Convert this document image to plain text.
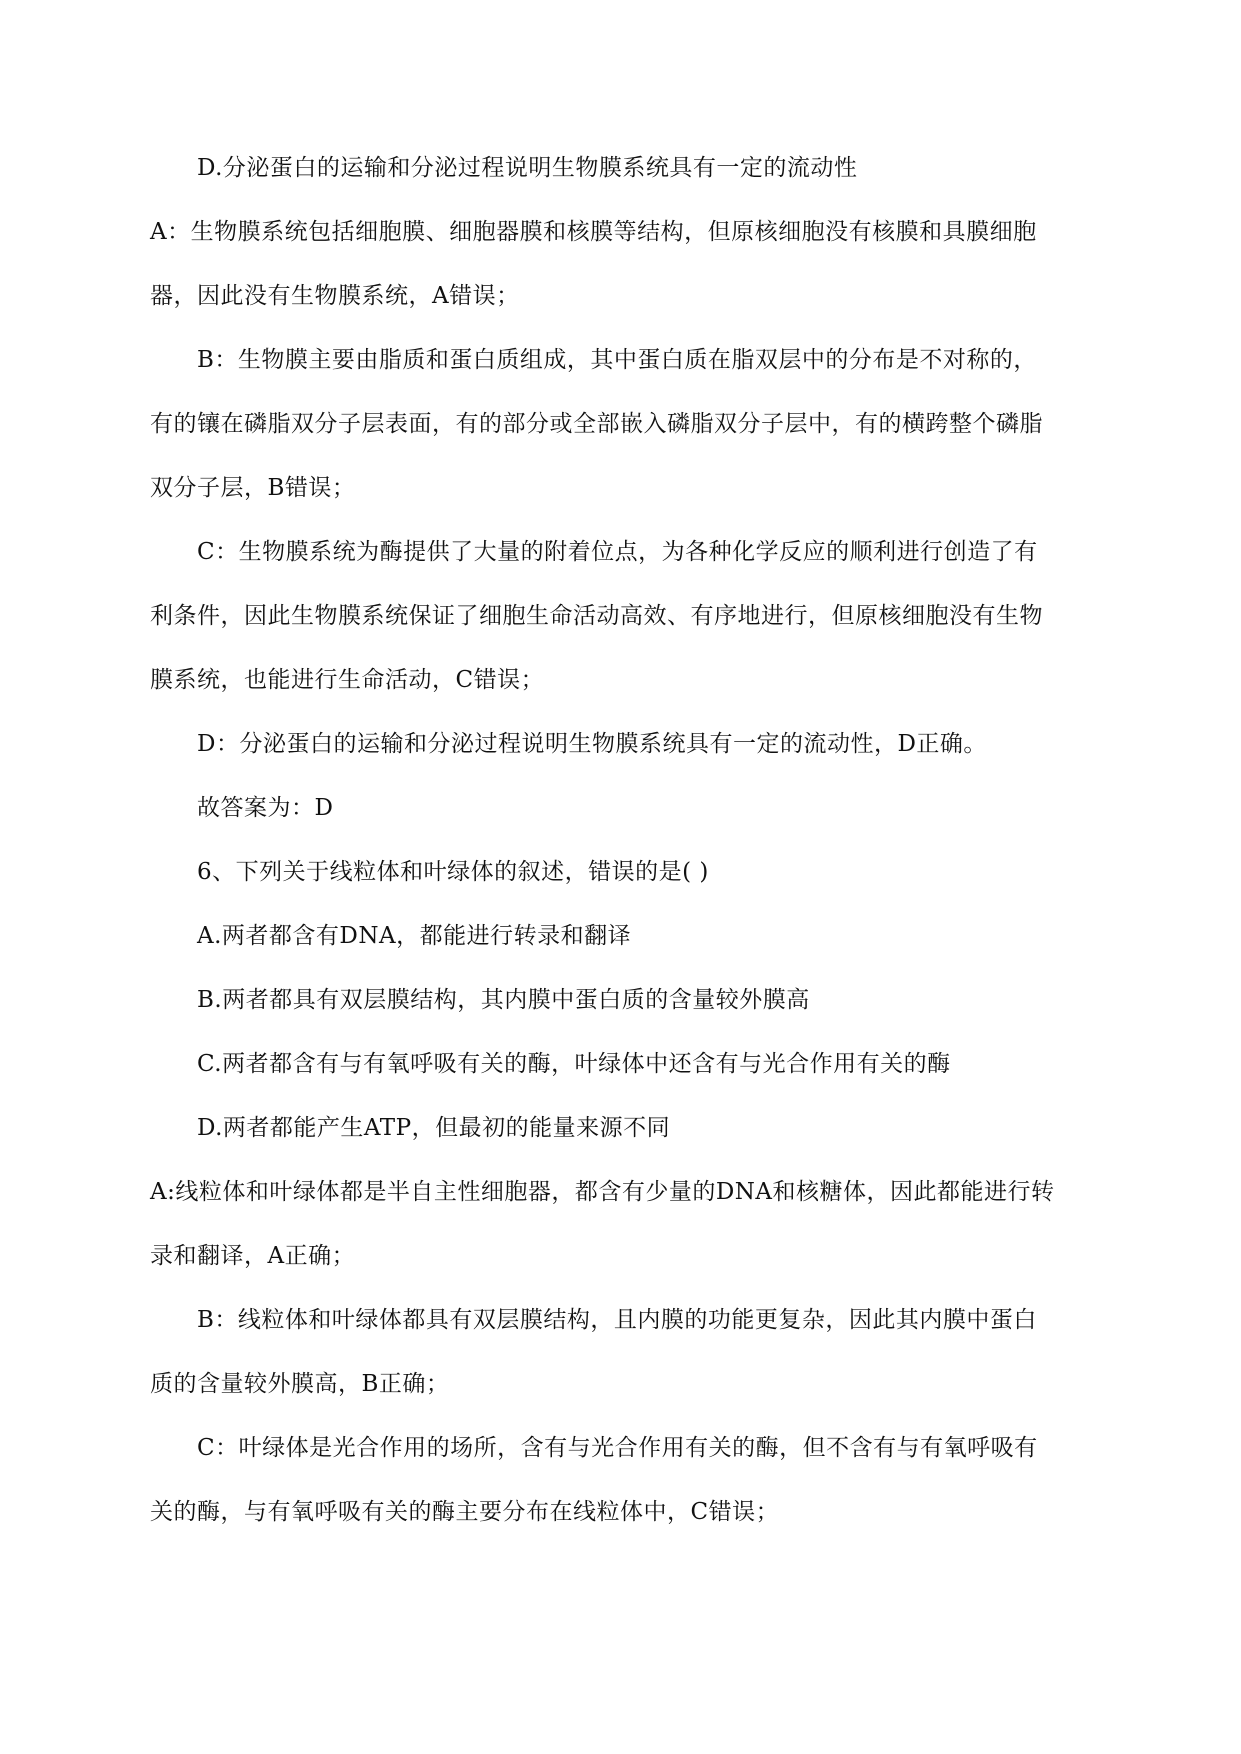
D.分泌蛋白的运输和分泌过程说明生物膜系统具有一定的流动性
A：生物膜系统包括细胞膜、细胞器膜和核膜等结构，但原核细胞没有核膜和具膜细胞
器，因此没有生物膜系统，A错误；
B：生物膜主要由脂质和蛋白质组成，其中蛋白质在脂双层中的分布是不对称的，
有的镶在磷脂双分子层表面，有的部分或全部嵌入磷脂双分子层中，有的横跨整个磷脂
双分子层，B错误；
C：生物膜系统为酶提供了大量的附着位点，为各种化学反应的顺利进行创造了有
利条件，因此生物膜系统保证了细胞生命活动高效、有序地进行，但原核细胞没有生物
膜系统，也能进行生命活动，C错误；
D：分泌蛋白的运输和分泌过程说明生物膜系统具有一定的流动性，D正确。
故答案为：D
6、下列关于线粒体和叶绿体的叙述，错误的是( )
A.两者都含有DNA，都能进行转录和翻译
B.两者都具有双层膜结构，其内膜中蛋白质的含量较外膜高
C.两者都含有与有氧呼吸有关的酶，叶绿体中还含有与光合作用有关的酶
D.两者都能产生ATP，但最初的能量来源不同
A:线粒体和叶绿体都是半自主性细胞器，都含有少量的DNA和核糖体，因此都能进行转
录和翻译，A正确；
B：线粒体和叶绿体都具有双层膜结构，且内膜的功能更复杂，因此其内膜中蛋白
质的含量较外膜高，B正确；
C：叶绿体是光合作用的场所，含有与光合作用有关的酶，但不含有与有氧呼吸有
关的酶，与有氧呼吸有关的酶主要分布在线粒体中，C错误；
